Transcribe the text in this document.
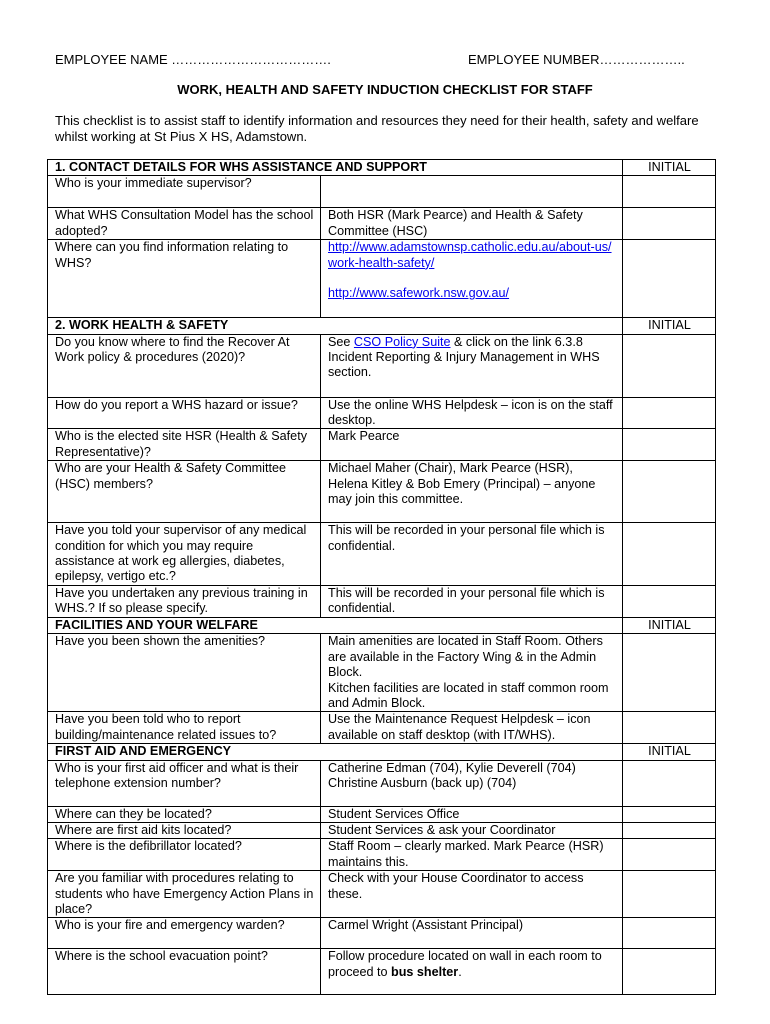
EMPLOYEE NAME ……………………………….	EMPLOYEE NUMBER………………..
WORK, HEALTH AND SAFETY INDUCTION CHECKLIST FOR STAFF
This checklist is to assist staff to identify information and resources they need for their health, safety and welfare whilst working at St Pius X HS, Adamstown.
1. CONTACT DETAILS FOR WHS ASSISTANCE AND SUPPORT		INITIAL
Who is your immediate supervisor?		
What WHS Consultation Model has the school adopted?	Both HSR (Mark Pearce) and Health & Safety Committee (HSC)	
Where can you find information relating to WHS?	http://www.adamstownsp.catholic.edu.au/about-us/work-health-safety/
http://www.safework.nsw.gov.au/	
2. WORK HEALTH & SAFETY		INITIAL
Do you know where to find the Recover At Work policy & procedures (2020)?	See CSO Policy Suite & click on the link 6.3.8 Incident Reporting & Injury Management in WHS section.	
How do you report a WHS hazard or issue?	Use the online WHS Helpdesk – icon is on the staff desktop.	
Who is the elected site HSR (Health & Safety Representative)?	Mark Pearce	
Who are your Health & Safety Committee (HSC) members?	Michael Maher (Chair), Mark Pearce (HSR), Helena Kitley & Bob Emery (Principal) – anyone may join this committee.	
Have you told your supervisor of any medical condition for which you may require assistance at work eg allergies, diabetes, epilepsy, vertigo etc.?	This will be recorded in your personal file which is confidential.	
Have you undertaken any previous training in WHS.? If so please specify.	This will be recorded in your personal file which is confidential.	
FACILITIES AND YOUR WELFARE		INITIAL
Have you been shown the amenities?	Main amenities are located in Staff Room. Others are available in the Factory Wing & in the Admin Block.
Kitchen facilities are located in staff common room and Admin Block.	

Have you been told who to report building/maintenance related issues to?	Use the Maintenance Request Helpdesk – icon available on staff desktop (with IT/WHS).	
FIRST AID AND EMERGENCY		INITIAL
Who is your first aid officer and what is their telephone extension number?	Catherine Edman (704), Kylie Deverell (704) Christine Ausburn (back up) (704)	
Where can they be located?	Student Services Office	
Where are first aid kits located?	Student Services & ask your Coordinator	
Where is the defibrillator located?	Staff Room – clearly marked. Mark Pearce (HSR) maintains this.	
Are you familiar with procedures relating to students who have Emergency Action Plans in place?	Check with your House Coordinator to access these.	
Who is your fire and emergency warden?	Carmel Wright (Assistant Principal)	
Where is the school evacuation point?	Follow procedure located on wall in each room to proceed to bus shelter.	
